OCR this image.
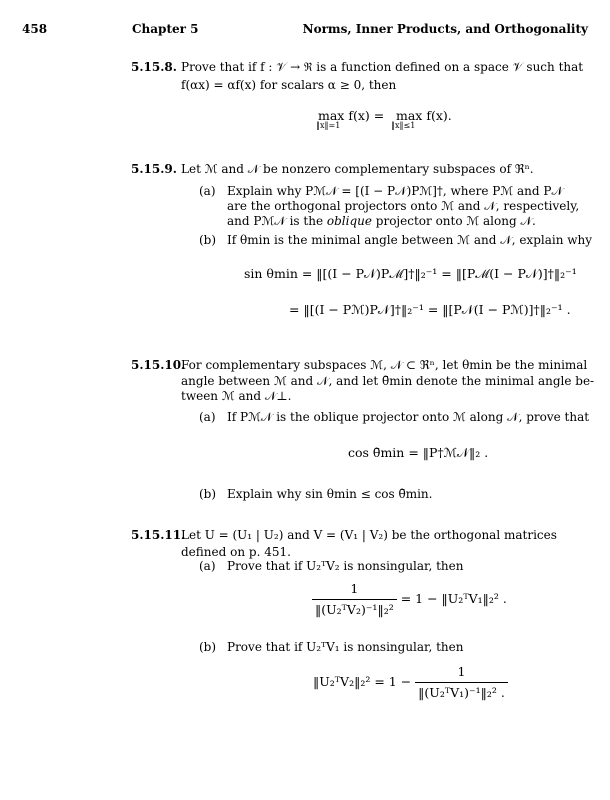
458	Chapter 5	Norms, Inner Products, and Orthogonality
5.15.8. Prove that if f : 𝒱 → ℜ is a function defined on a space 𝒱 such that
f(αx) = αf(x) for scalars α ≥ 0, then
max f(x) =
‖x‖=1
max f(x).
‖x‖≤1
5.15.9. Let ℳ and 𝒩 be nonzero complementary subspaces of ℜⁿ.
(a) Explain why Pℳ𝒩 = [(I − P𝒩)Pℳ]†, where Pℳ and P𝒩
are the orthogonal projectors onto ℳ and 𝒩, respectively,
and Pℳ𝒩 is the oblique projector onto ℳ along 𝒩.
(b) If θmin is the minimal angle between ℳ and 𝒩, explain why
sin θmin = ‖[(I − P𝒩)Pℳ]†‖₂⁻¹ = ‖[Pℳ(I − P𝒩)]†‖₂⁻¹
= ‖[(I − Pℳ)P𝒩]†‖₂⁻¹ = ‖[P𝒩(I − Pℳ)]†‖₂⁻¹ .
5.15.10.
For complementary subspaces ℳ, 𝒩 ⊂ ℜⁿ, let θmin be the minimal
angle between ℳ and 𝒩, and let θ̄min denote the minimal angle be-
tween ℳ and 𝒩⊥.
(a) If Pℳ𝒩 is the oblique projector onto ℳ along 𝒩, prove that
cos θ̄min = ‖P†ℳ𝒩‖₂ .
(b) Explain why sin θmin ≤ cos θ̄min.
5.15.11.
Let U = (U₁ | U₂) and V = (V₁ | V₂) be the orthogonal matrices
defined on p. 451.
(a) Prove that if U₂ᵀV₂ is nonsingular, then
$\frac{1}{\text{‖(U₂ᵀV₂)⁻¹‖₂²}} = 1$ − ‖U₂ᵀV₁‖₂² .
(b) Prove that if U₂ᵀV₁ is nonsingular, then
‖U₂ᵀV₂‖₂² = $1 - \frac{1}{\text{‖(U₂ᵀV₁)⁻¹‖₂² .}}$
